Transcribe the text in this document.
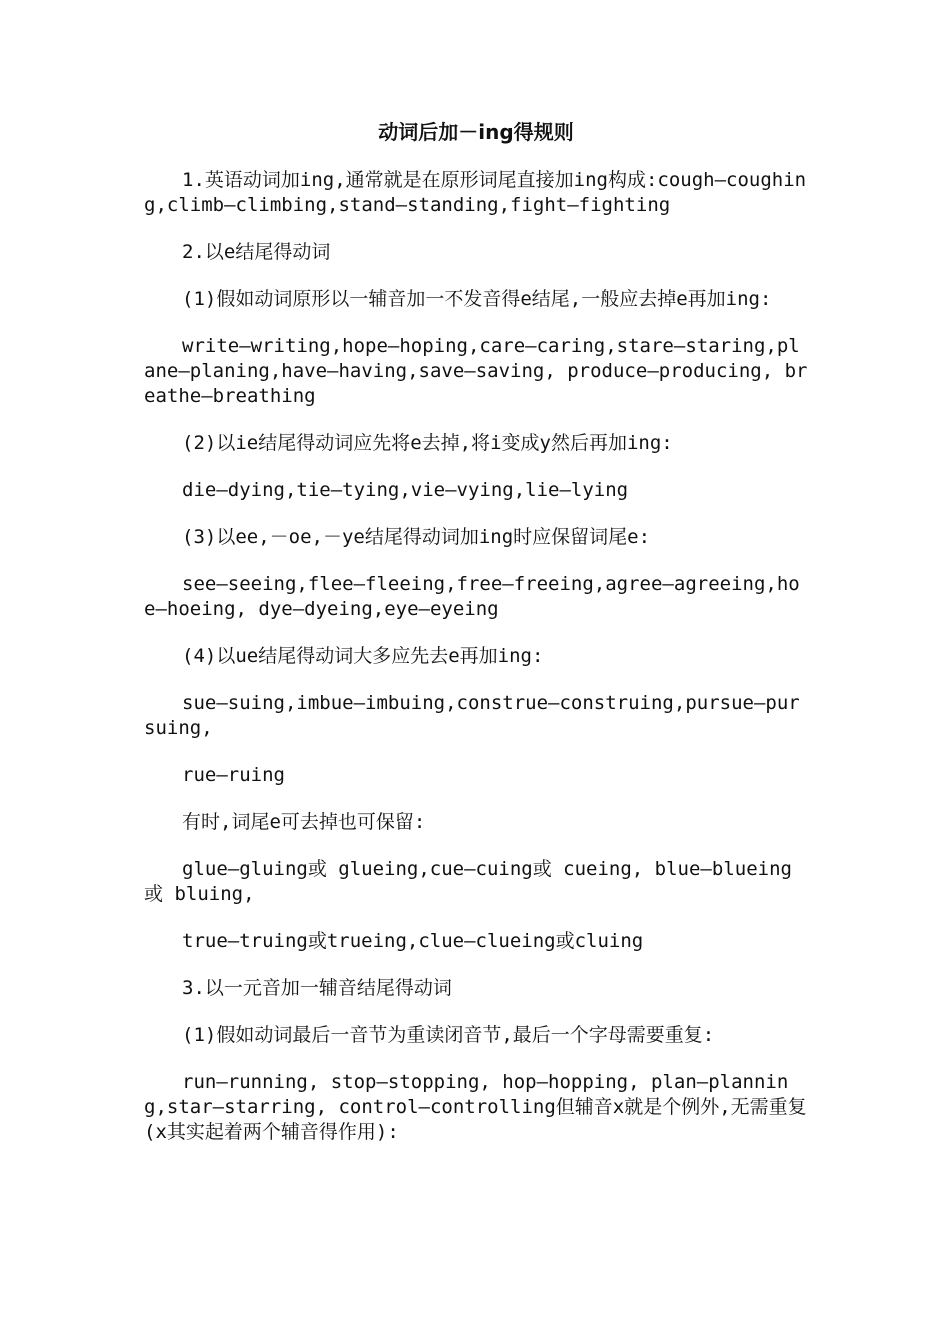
动词后加－ing得规则

1.英语动词加ing,通常就是在原形词尾直接加ing构成:cough—coughing,climb—climbing,stand—standing,fight—fighting

2.以e结尾得动词

(1)假如动词原形以一辅音加一不发音得e结尾,一般应去掉e再加ing:

write—writing,hope—hoping,care—caring,stare—staring,plane—planing,have—having,save—saving, produce—producing, breathe—breathing

(2)以ie结尾得动词应先将e去掉,将i变成y然后再加ing:

die—dying,tie—tying,vie—vying,lie—lying

(3)以ee,－oe,－ye结尾得动词加ing时应保留词尾e:

see—seeing,flee—fleeing,free—freeing,agree—agreeing,hoe—hoeing, dye—dyeing,eye—eyeing

(4)以ue结尾得动词大多应先去e再加ing:

sue—suing,imbue—imbuing,construe—construing,pursue—pursuing,

rue—ruing

有时,词尾e可去掉也可保留:

glue—gluing或 glueing,cue—cuing或 cueing, blue—blueing或 bluing,

true—truing或trueing,clue—clueing或cluing

3.以一元音加一辅音结尾得动词

(1)假如动词最后一音节为重读闭音节,最后一个字母需要重复:

run—running, stop—stopping, hop—hopping, plan—planning,star—starring, control—controlling但辅音x就是个例外,无需重复(x其实起着两个辅音得作用):
